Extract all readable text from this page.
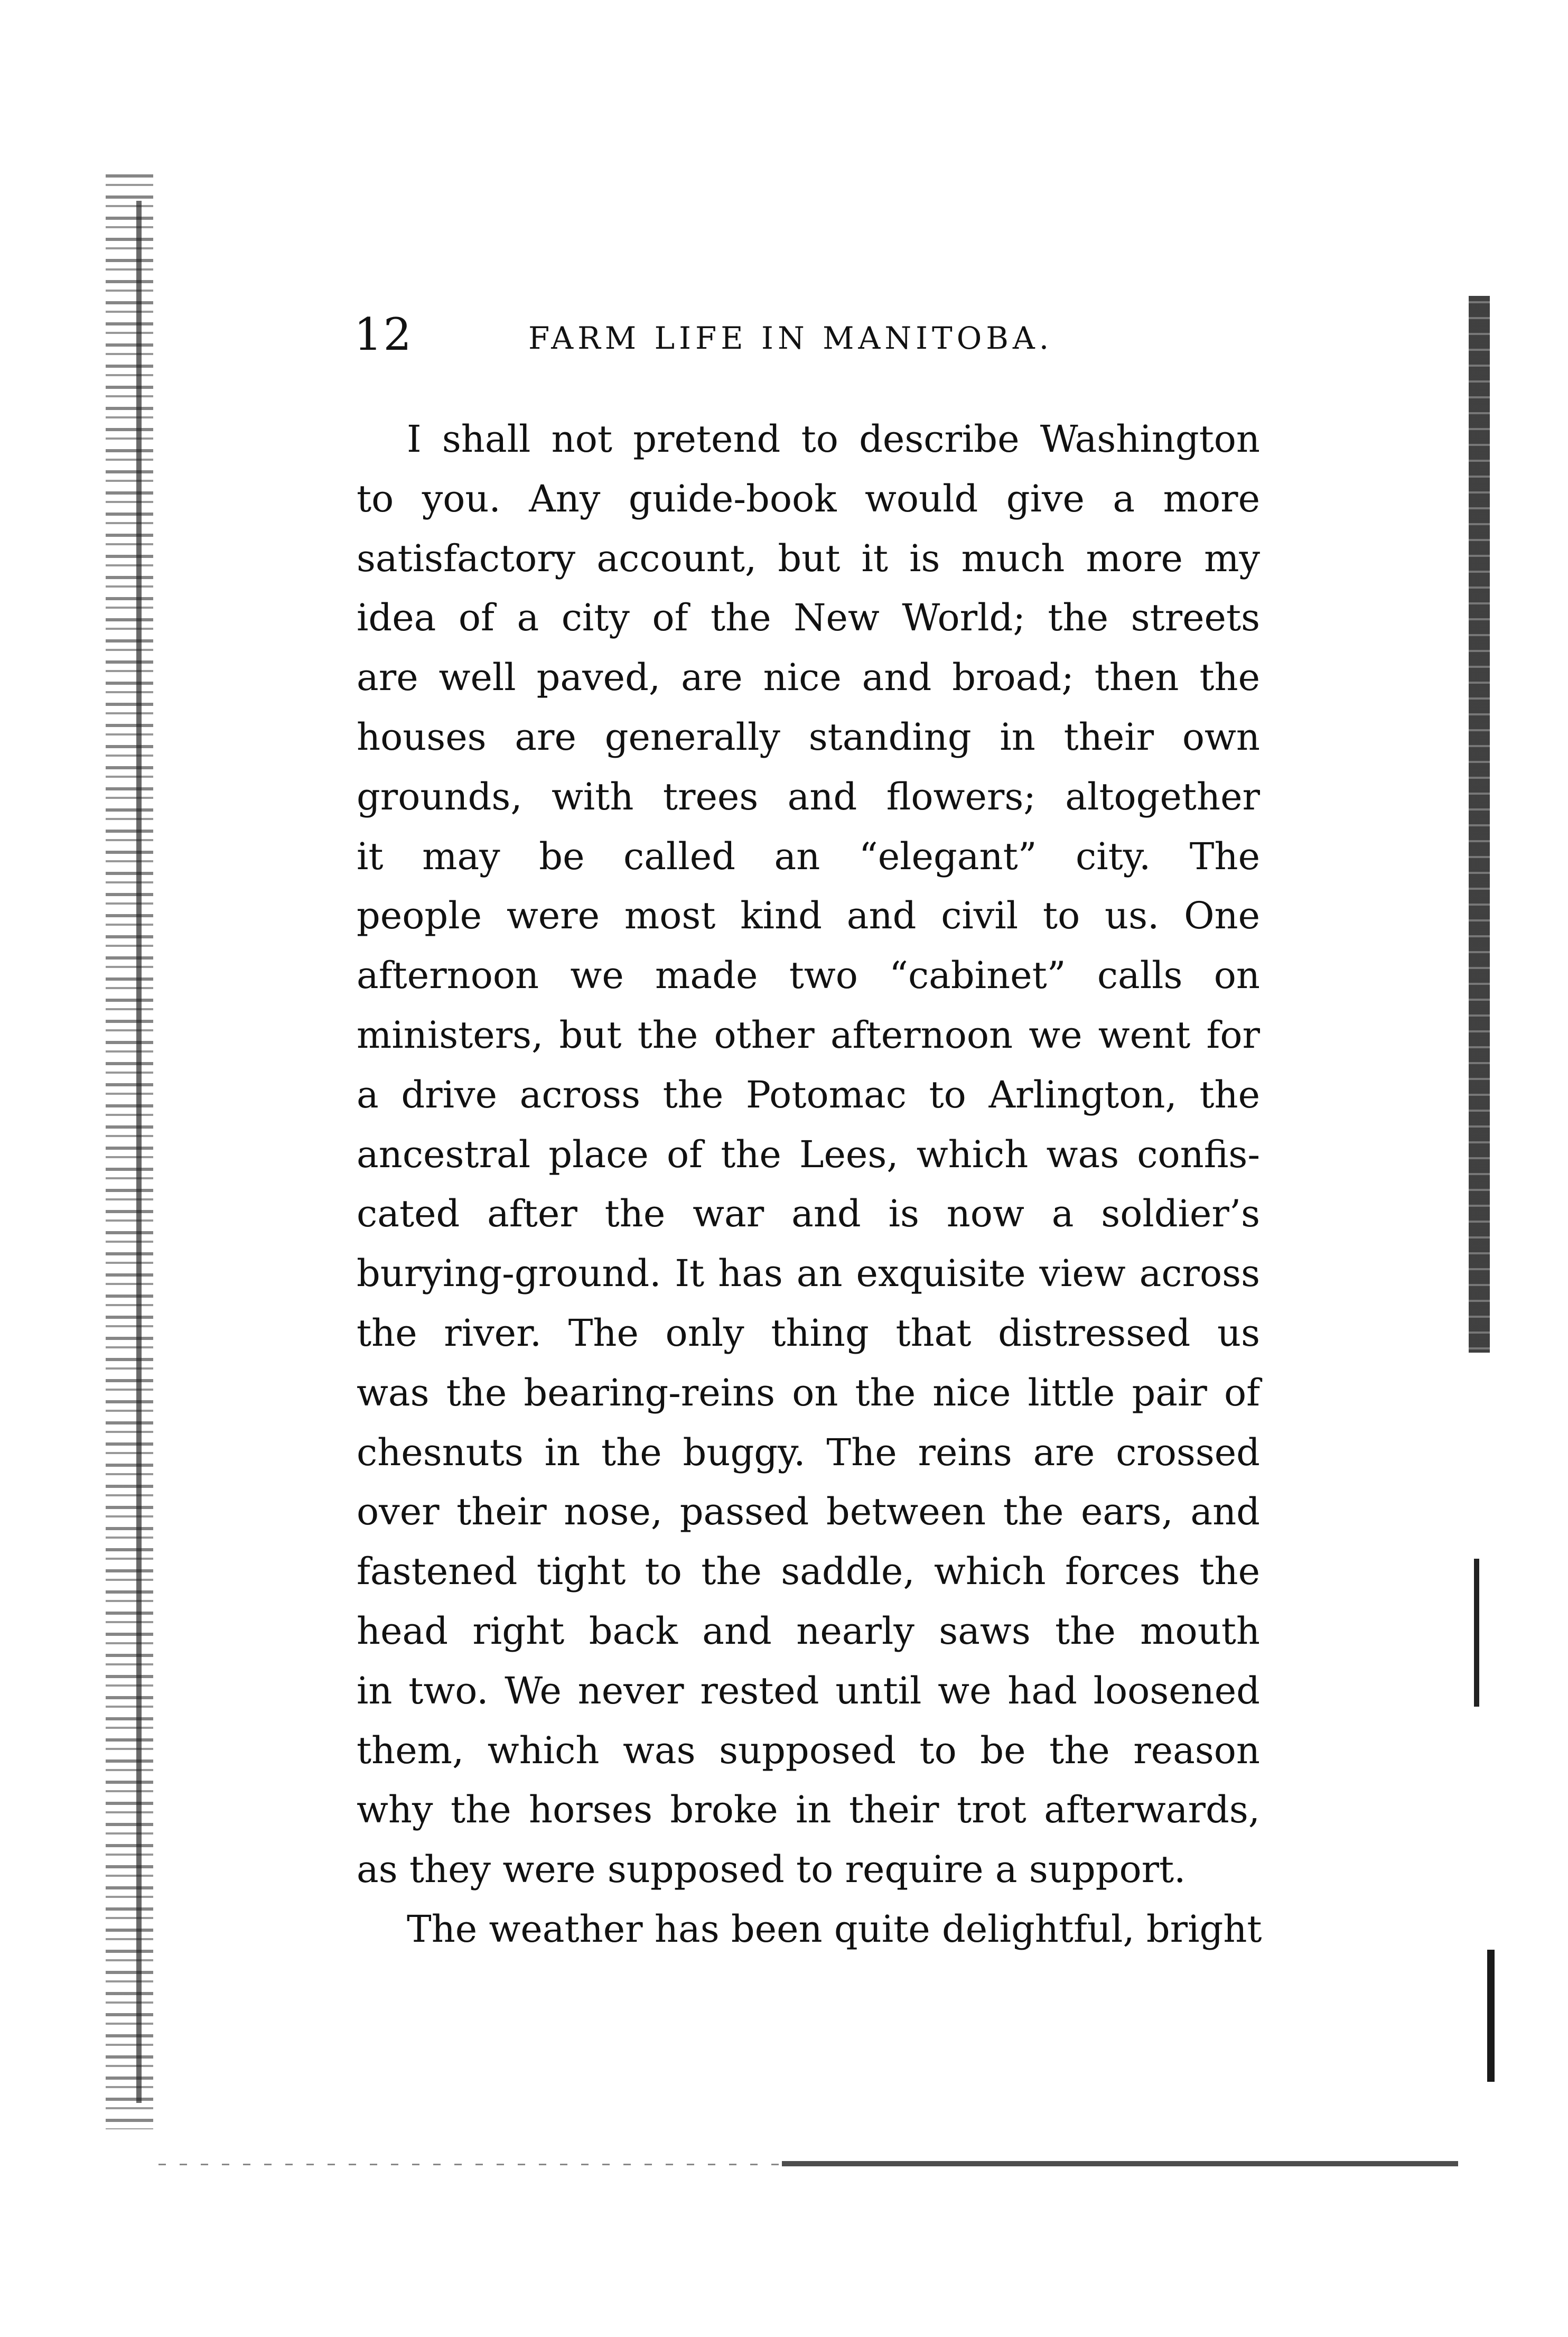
12	FARM LIFE IN MANITOBA.
I shall not pretend to describe Washington
to you. Any guide-book would give a more
satisfactory account, but it is much more my
idea of a city of the New World; the streets
are well paved, are nice and broad; then the
houses are generally standing in their own
grounds, with trees and flowers; altogether
it may be called an “elegant” city. The
people were most kind and civil to us. One
afternoon we made two “cabinet” calls on
ministers, but the other afternoon we went for
a drive across the Potomac to Arlington, the
ancestral place of the Lees, which was confis-
cated after the war and is now a soldier’s
burying-ground. It has an exquisite view across
the river. The only thing that distressed us
was the bearing-reins on the nice little pair of
chesnuts in the buggy. The reins are crossed
over their nose, passed between the ears, and
fastened tight to the saddle, which forces the
head right back and nearly saws the mouth
in two. We never rested until we had loosened
them, which was supposed to be the reason
why the horses broke in their trot afterwards,
as they were supposed to require a support.
The weather has been quite delightful, bright
